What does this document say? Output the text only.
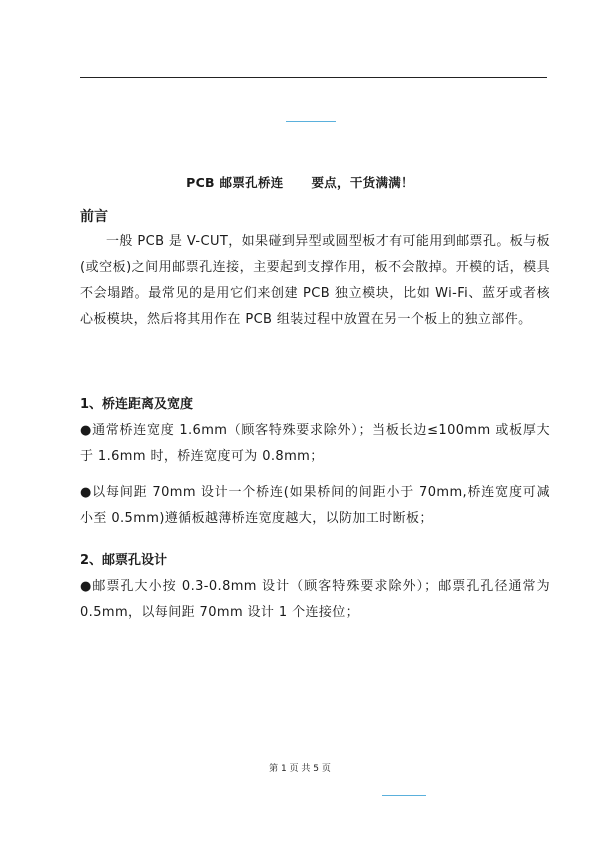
PCB 邮票孔桥连      要点，干货满满！
前言
一般 PCB 是 V-CUT，如果碰到异型或圆型板才有可能用到邮票孔。板与板(或空板)之间用邮票孔连接，主要起到支撑作用，板不会散掉。开模的话，模具不会塌踏。最常见的是用它们来创建 PCB 独立模块，比如 Wi-Fi、蓝牙或者核心板模块，然后将其用作在 PCB 组装过程中放置在另一个板上的独立部件。
1、桥连距离及宽度
●通常桥连宽度 1.6mm（顾客特殊要求除外）；当板长边≤100mm 或板厚大于 1.6mm 时，桥连宽度可为 0.8mm；
●以每间距 70mm 设计一个桥连(如果桥间的间距小于 70mm,桥连宽度可减小至 0.5mm)遵循板越薄桥连宽度越大，以防加工时断板；
2、邮票孔设计
●邮票孔大小按 0.3-0.8mm 设计（顾客特殊要求除外）；邮票孔孔径通常为 0.5mm，以每间距 70mm 设计 1 个连接位；
第 1 页 共 5 页
